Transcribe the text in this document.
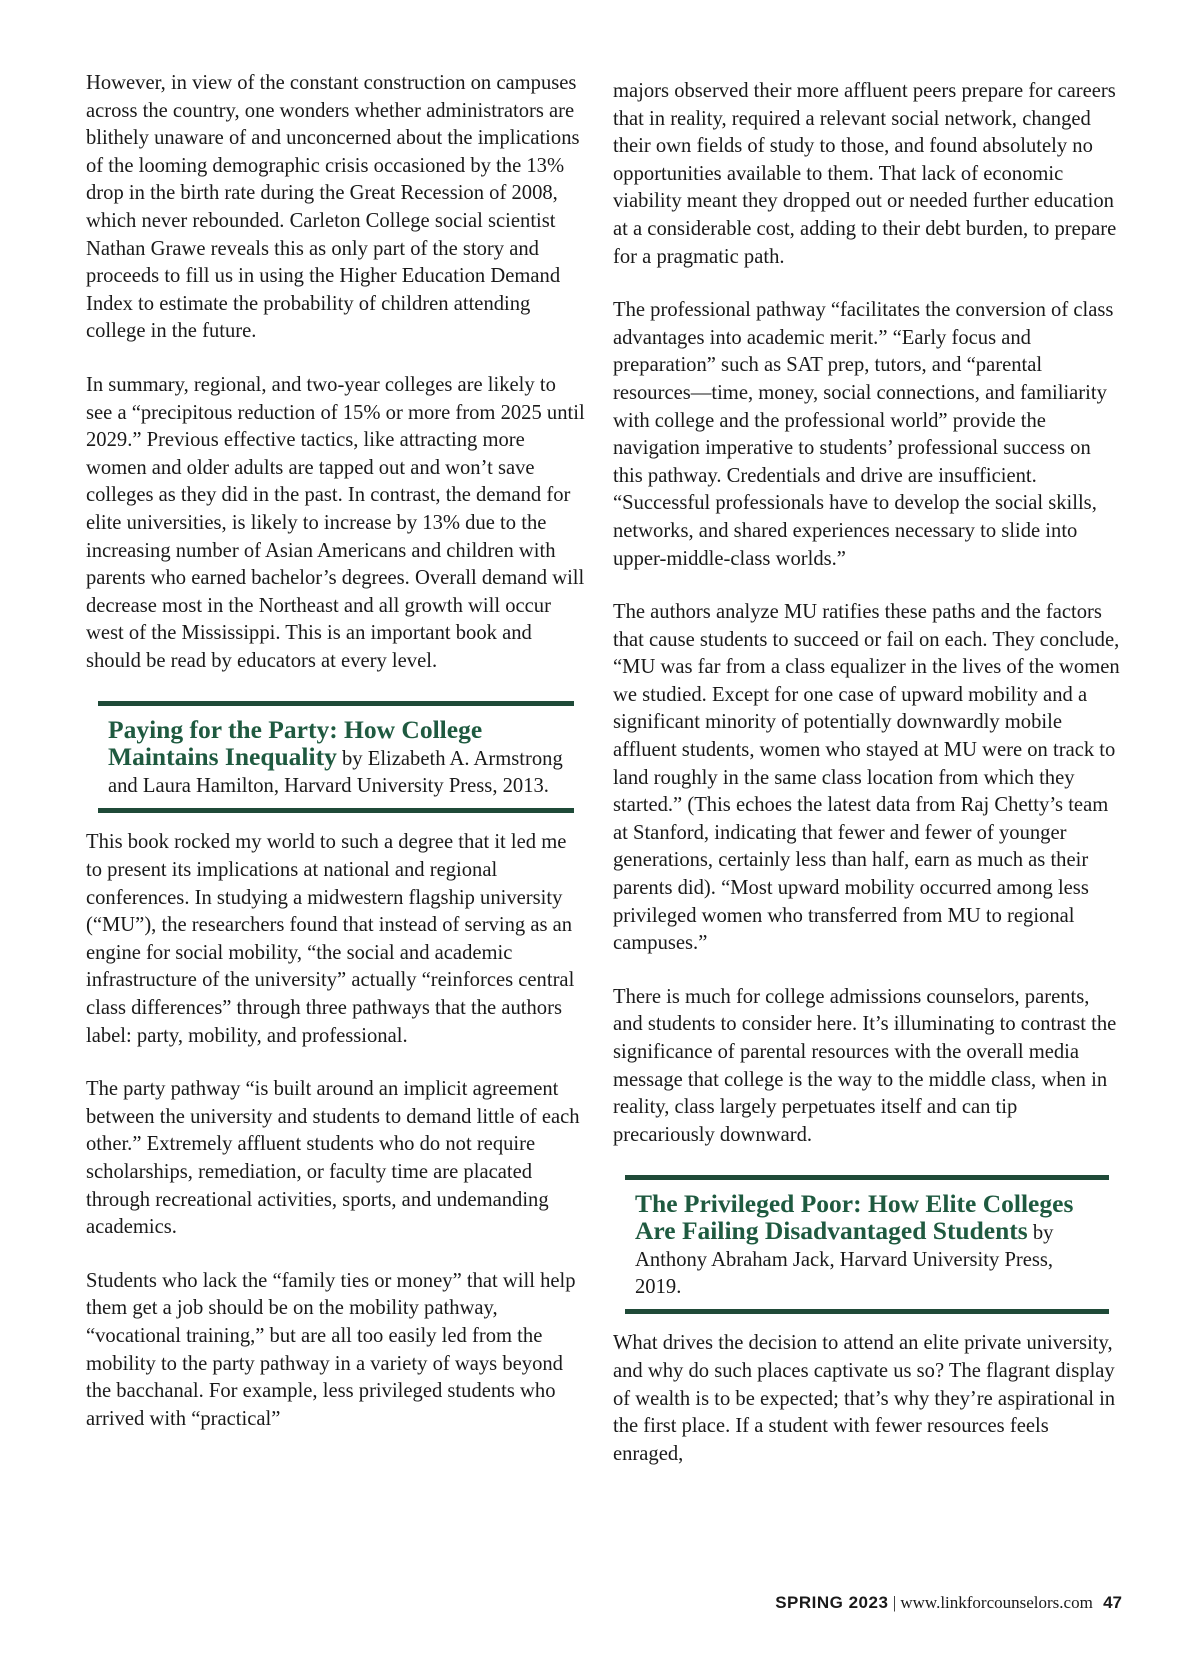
However, in view of the constant construction on campuses across the country, one wonders whether administrators are blithely unaware of and unconcerned about the implications of the looming demographic crisis occasioned by the 13% drop in the birth rate during the Great Recession of 2008, which never rebounded. Carleton College social scientist Nathan Grawe reveals this as only part of the story and proceeds to fill us in using the Higher Education Demand Index to estimate the probability of children attending college in the future.

In summary, regional, and two-year colleges are likely to see a “precipitous reduction of 15% or more from 2025 until 2029.” Previous effective tactics, like attracting more women and older adults are tapped out and won’t save colleges as they did in the past. In contrast, the demand for elite universities, is likely to increase by 13% due to the increasing number of Asian Americans and children with parents who earned bachelor’s degrees. Overall demand will decrease most in the Northeast and all growth will occur west of the Mississippi. This is an important book and should be read by educators at every level.

Paying for the Party: How College Maintains Inequality by Elizabeth A. Armstrong and Laura Hamilton, Harvard University Press, 2013.

This book rocked my world to such a degree that it led me to present its implications at national and regional conferences. In studying a midwestern flagship university (“MU”), the researchers found that instead of serving as an engine for social mobility, “the social and academic infrastructure of the university” actually “reinforces central class differences” through three pathways that the authors label: party, mobility, and professional.

The party pathway “is built around an implicit agreement between the university and students to demand little of each other.” Extremely affluent students who do not require scholarships, remediation, or faculty time are placated through recreational activities, sports, and undemanding academics.

Students who lack the “family ties or money” that will help them get a job should be on the mobility pathway, “vocational training,” but are all too easily led from the mobility to the party pathway in a variety of ways beyond the bacchanal. For example, less privileged students who arrived with “practical”

majors observed their more affluent peers prepare for careers that in reality, required a relevant social network, changed their own fields of study to those, and found absolutely no opportunities available to them. That lack of economic viability meant they dropped out or needed further education at a considerable cost, adding to their debt burden, to prepare for a pragmatic path.

The professional pathway “facilitates the conversion of class advantages into academic merit.” “Early focus and preparation” such as SAT prep, tutors, and “parental resources—time, money, social connections, and familiarity with college and the professional world” provide the navigation imperative to students’ professional success on this pathway. Credentials and drive are insufficient. “Successful professionals have to develop the social skills, networks, and shared experiences necessary to slide into upper-middle-class worlds.”

The authors analyze MU ratifies these paths and the factors that cause students to succeed or fail on each. They conclude, “MU was far from a class equalizer in the lives of the women we studied. Except for one case of upward mobility and a significant minority of potentially downwardly mobile affluent students, women who stayed at MU were on track to land roughly in the same class location from which they started.” (This echoes the latest data from Raj Chetty’s team at Stanford, indicating that fewer and fewer of younger generations, certainly less than half, earn as much as their parents did). “Most upward mobility occurred among less privileged women who transferred from MU to regional campuses.”

There is much for college admissions counselors, parents, and students to consider here. It’s illuminating to contrast the significance of parental resources with the overall media message that college is the way to the middle class, when in reality, class largely perpetuates itself and can tip precariously downward.

The Privileged Poor: How Elite Colleges Are Failing Disadvantaged Students by Anthony Abraham Jack, Harvard University Press, 2019.

What drives the decision to attend an elite private university, and why do such places captivate us so? The flagrant display of wealth is to be expected; that’s why they’re aspirational in the first place. If a student with fewer resources feels enraged,

SPRING 2023 | www.linkforcounselors.com 47
